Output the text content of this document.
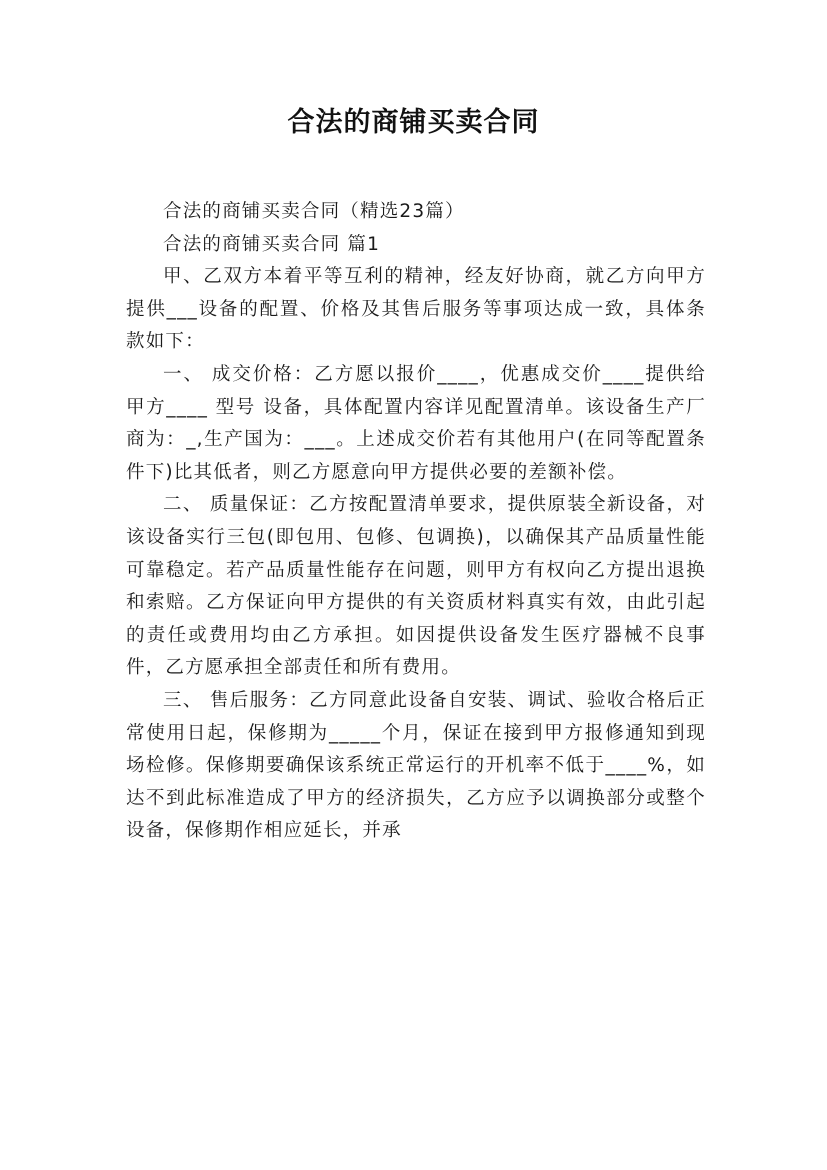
合法的商铺买卖合同

合法的商铺买卖合同（精选23篇）

合法的商铺买卖合同 篇1

甲、乙双方本着平等互利的精神，经友好协商，就乙方向甲方提供___设备的配置、价格及其售后服务等事项达成一致，具体条款如下：

一、 成交价格：乙方愿以报价____，优惠成交价____提供给甲方____ 型号 设备，具体配置内容详见配置清单。该设备生产厂商为：_,生产国为：___。上述成交价若有其他用户(在同等配置条件下)比其低者，则乙方愿意向甲方提供必要的差额补偿。

二、 质量保证：乙方按配置清单要求，提供原装全新设备，对该设备实行三包(即包用、包修、包调换)，以确保其产品质量性能可靠稳定。若产品质量性能存在问题，则甲方有权向乙方提出退换和索赔。乙方保证向甲方提供的有关资质材料真实有效，由此引起的责任或费用均由乙方承担。如因提供设备发生医疗器械不良事件，乙方愿承担全部责任和所有费用。

三、 售后服务：乙方同意此设备自安装、调试、验收合格后正常使用日起，保修期为_____个月，保证在接到甲方报修通知到现场检修。保修期要确保该系统正常运行的开机率不低于____%，如达不到此标准造成了甲方的经济损失，乙方应予以调换部分或整个设备，保修期作相应延长，并承
